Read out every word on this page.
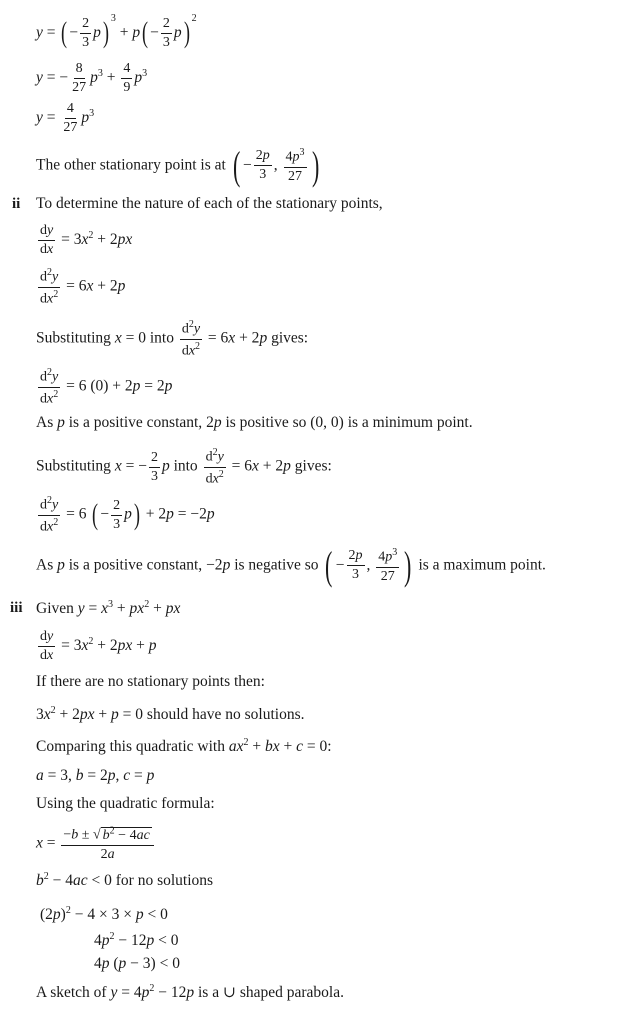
y = ( − $\frac{2}{3} p$) $^3 + p( - \frac{2}{3} p)$ $^2$
y = − $\frac{8}{27} p^3 + \frac{4}{9} p^3$
$y = \frac{4}{27} p^3$
The other stationary point is at ( − $\frac{2p}{3}$ , $\frac{4p^3}{27}$ )
ii To determine the nature of each of the stationary points,
$\frac{dy}{dx} = 3x^2 + 2px$
$\frac{d^2y}{dx^2} = 6x + 2p$
Substituting x = 0 into $\frac{d^2y}{dx^2} = 6x + 2p$ gives:
$\frac{d^2y}{dx^2} = 6$ (0) + 2p = 2p
As p is a positive constant, 2p is positive so (0, 0) is a minimum point.
Substituting x = − $\frac{2}{3}$ p into $\frac{d^2y}{dx^2} = 6x + 2p$ gives:
$\frac{d^2y}{dx^2} = 6$ ( − $\frac{2}{3} p) + 2p = -2p$
As p is a positive constant, −2p is negative so ( − $\frac{2p}{3}$ , $\frac{4p^3}{27}$ ) is a maximum point.
iii Given $y = x^3 + px^2$ + px
$\frac{dy}{dx} = 3x^2 + 2px + p$
If there are no stationary points then:
$3x^2 + 2px + p = 0$ should have no solutions.
Comparing this quadratic with $ax^2$ + bx + c = 0:
a = 3, b = 2p, c = p
Using the quadratic formula:
$x = \frac{-b \pm √ b^2 - 4ac}{2a}$
$b^2 - 4ac < 0$ for no solutions
$(2p)^2 - 4 \times 3 \times p < 0$
$4p^2 - 12p < 0$
4p (p − 3) < 0
A sketch of $y = 4p^2 - 12p$ is a ∪ shaped parabola.
